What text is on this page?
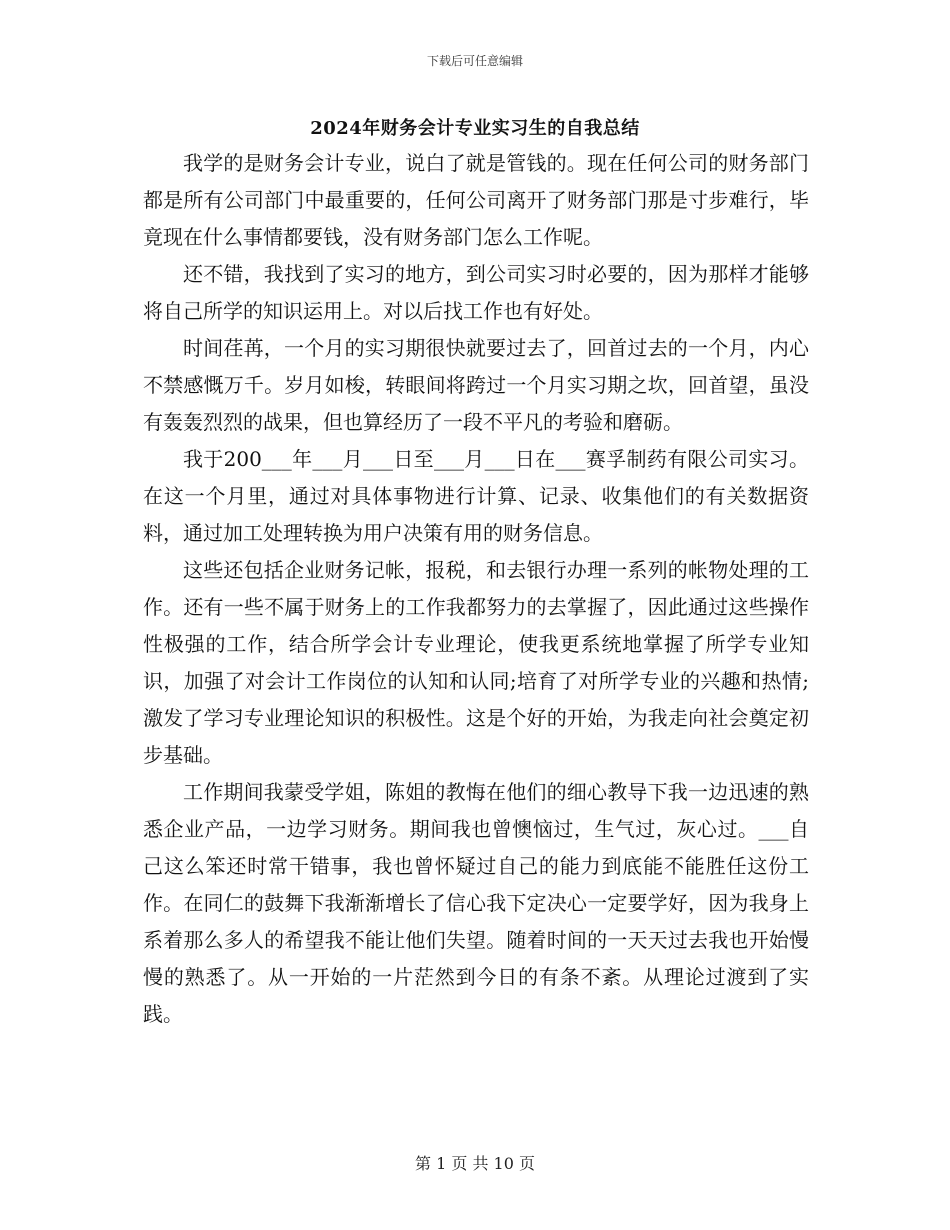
下载后可任意编辑
2024年财务会计专业实习生的自我总结

我学的是财务会计专业，说白了就是管钱的。现在任何公司的财务部门都是所有公司部门中最重要的，任何公司离开了财务部门那是寸步难行，毕竟现在什么事情都要钱，没有财务部门怎么工作呢。

还不错，我找到了实习的地方，到公司实习时必要的，因为那样才能够将自己所学的知识运用上。对以后找工作也有好处。

时间荏苒，一个月的实习期很快就要过去了，回首过去的一个月，内心不禁感慨万千。岁月如梭，转眼间将跨过一个月实习期之坎，回首望，虽没有轰轰烈烈的战果，但也算经历了一段不平凡的考验和磨砺。

我于200___年___月___日至___月___日在___赛孚制药有限公司实习。在这一个月里，通过对具体事物进行计算、记录、收集他们的有关数据资料，通过加工处理转换为用户决策有用的财务信息。

这些还包括企业财务记帐，报税，和去银行办理一系列的帐物处理的工作。还有一些不属于财务上的工作我都努力的去掌握了，因此通过这些操作性极强的工作，结合所学会计专业理论，使我更系统地掌握了所学专业知识，加强了对会计工作岗位的认知和认同;培育了对所学专业的兴趣和热情;激发了学习专业理论知识的积极性。这是个好的开始，为我走向社会奠定初步基础。

工作期间我蒙受学姐，陈姐的教悔在他们的细心教导下我一边迅速的熟悉企业产品，一边学习财务。期间我也曾懊恼过，生气过，灰心过。___自己这么笨还时常干错事，我也曾怀疑过自己的能力到底能不能胜任这份工作。在同仁的鼓舞下我渐渐增长了信心我下定决心一定要学好，因为我身上系着那么多人的希望我不能让他们失望。随着时间的一天天过去我也开始慢慢的熟悉了。从一开始的一片茫然到今日的有条不紊。从理论过渡到了实践。

第 1 页 共 10 页
